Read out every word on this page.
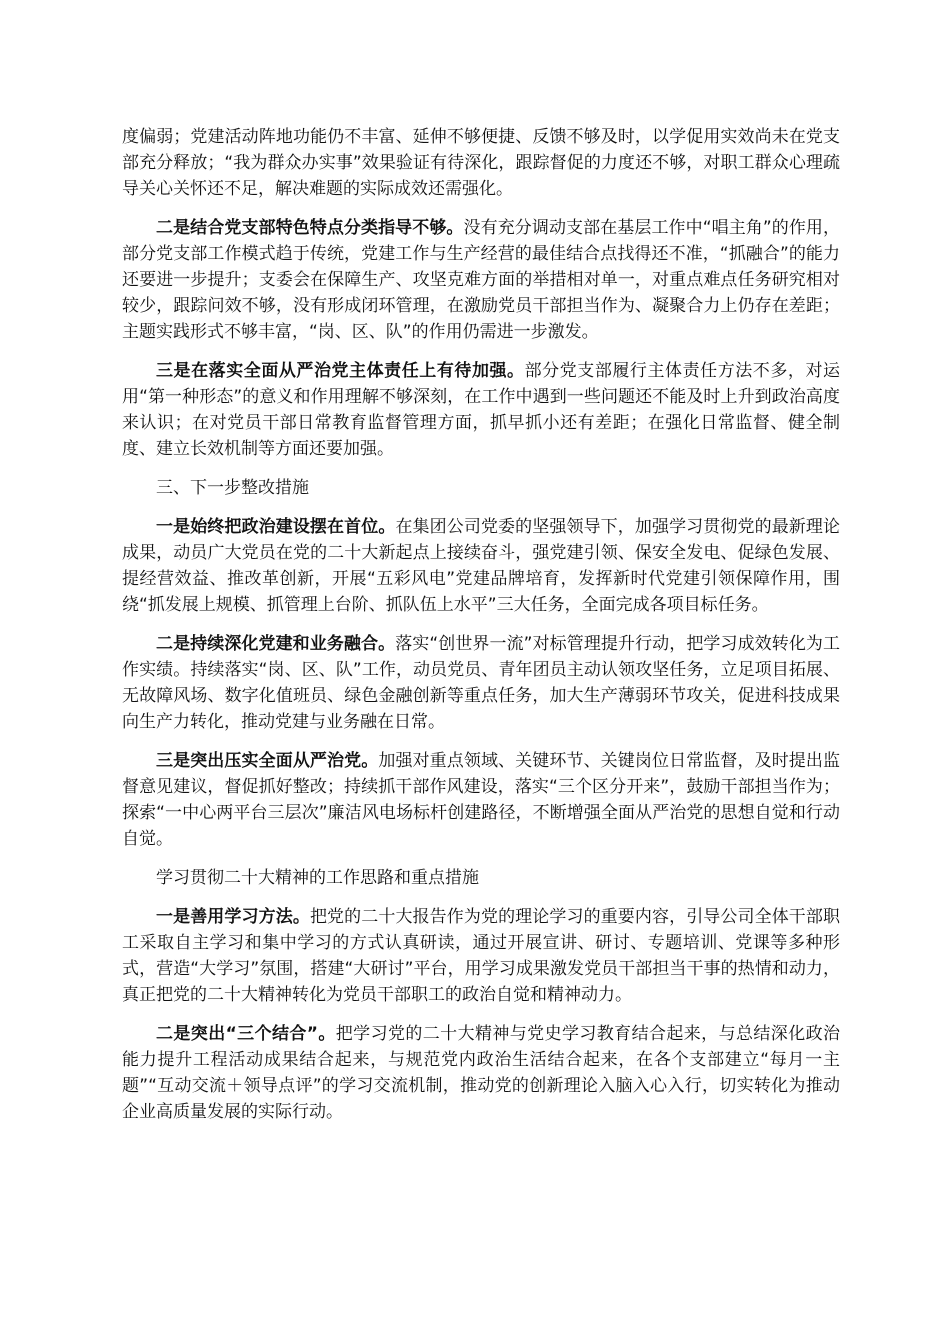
度偏弱；党建活动阵地功能仍不丰富、延伸不够便捷、反馈不够及时，以学促用实效尚未在党支部充分释放；“我为群众办实事”效果验证有待深化，跟踪督促的力度还不够，对职工群众心理疏导关心关怀还不足，解决难题的实际成效还需强化。

二是结合党支部特色特点分类指导不够。没有充分调动支部在基层工作中“唱主角”的作用，部分党支部工作模式趋于传统，党建工作与生产经营的最佳结合点找得还不准，“抓融合”的能力还要进一步提升；支委会在保障生产、攻坚克难方面的举措相对单一，对重点难点任务研究相对较少，跟踪问效不够，没有形成闭环管理，在激励党员干部担当作为、凝聚合力上仍存在差距；主题实践形式不够丰富，“岗、区、队”的作用仍需进一步激发。

三是在落实全面从严治党主体责任上有待加强。部分党支部履行主体责任方法不多，对运用“第一种形态”的意义和作用理解不够深刻，在工作中遇到一些问题还不能及时上升到政治高度来认识；在对党员干部日常教育监督管理方面，抓早抓小还有差距；在强化日常监督、健全制度、建立长效机制等方面还要加强。

三、下一步整改措施

一是始终把政治建设摆在首位。在集团公司党委的坚强领导下，加强学习贯彻党的最新理论成果，动员广大党员在党的二十大新起点上接续奋斗，强党建引领、保安全发电、促绿色发展、提经营效益、推改革创新，开展“五彩风电”党建品牌培育，发挥新时代党建引领保障作用，围绕“抓发展上规模、抓管理上台阶、抓队伍上水平”三大任务，全面完成各项目标任务。

二是持续深化党建和业务融合。落实“创世界一流”对标管理提升行动，把学习成效转化为工作实绩。持续落实“岗、区、队”工作，动员党员、青年团员主动认领攻坚任务，立足项目拓展、无故障风场、数字化值班员、绿色金融创新等重点任务，加大生产薄弱环节攻关，促进科技成果向生产力转化，推动党建与业务融在日常。

三是突出压实全面从严治党。加强对重点领域、关键环节、关键岗位日常监督，及时提出监督意见建议，督促抓好整改；持续抓干部作风建设，落实“三个区分开来”，鼓励干部担当作为；探索“一中心两平台三层次”廉洁风电场标杆创建路径，不断增强全面从严治党的思想自觉和行动自觉。

学习贯彻二十大精神的工作思路和重点措施

一是善用学习方法。把党的二十大报告作为党的理论学习的重要内容，引导公司全体干部职工采取自主学习和集中学习的方式认真研读，通过开展宣讲、研讨、专题培训、党课等多种形式，营造“大学习”氛围，搭建“大研讨”平台，用学习成果激发党员干部担当干事的热情和动力，真正把党的二十大精神转化为党员干部职工的政治自觉和精神动力。

二是突出“三个结合”。把学习党的二十大精神与党史学习教育结合起来，与总结深化政治能力提升工程活动成果结合起来，与规范党内政治生活结合起来，在各个支部建立“每月一主题”“互动交流＋领导点评”的学习交流机制，推动党的创新理论入脑入心入行，切实转化为推动企业高质量发展的实际行动。
